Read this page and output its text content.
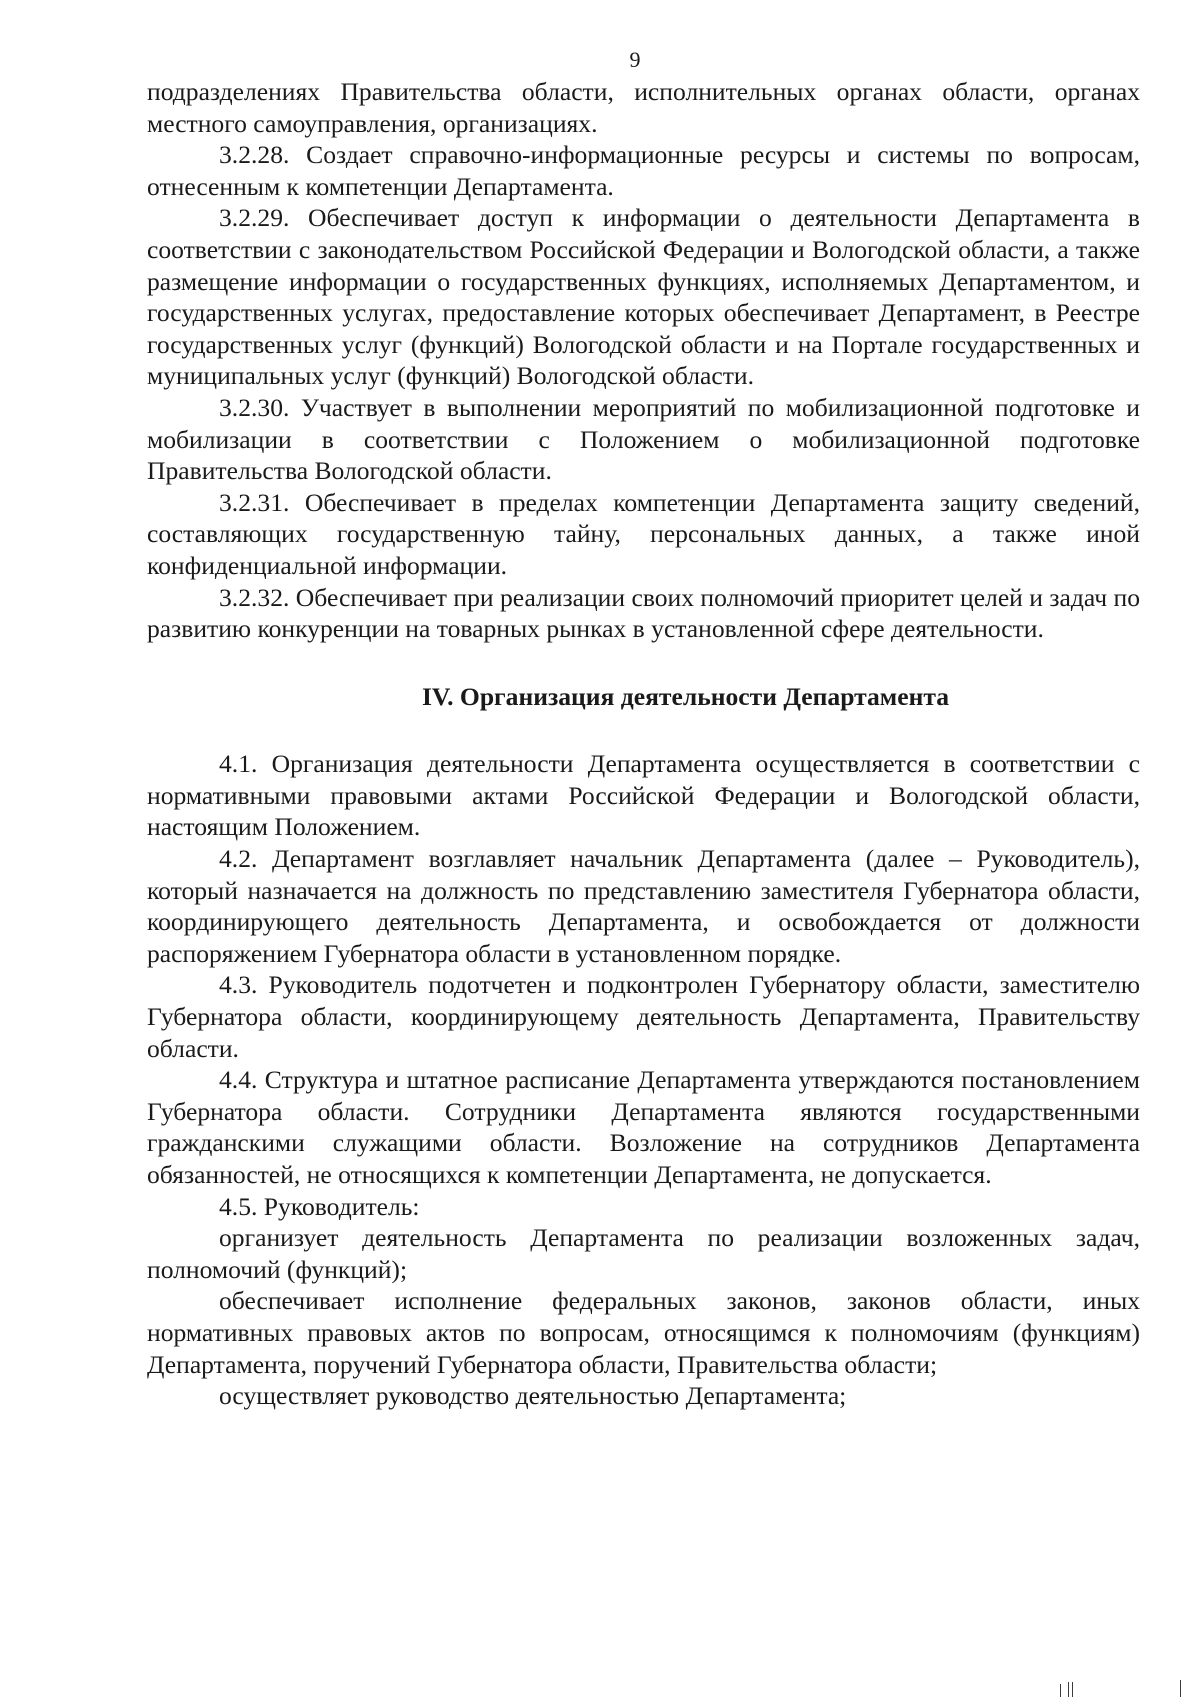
9

подразделениях Правительства области, исполнительных органах области, органах местного самоуправления, организациях.

3.2.28. Создает справочно-информационные ресурсы и системы по вопросам, отнесенным к компетенции Департамента.

3.2.29. Обеспечивает доступ к информации о деятельности Департамента в соответствии с законодательством Российской Федерации и Вологодской области, а также размещение информации о государственных функциях, исполняемых Департаментом, и государственных услугах, предоставление которых обеспечивает Департамент, в Реестре государственных услуг (функций) Вологодской области и на Портале государственных и муниципальных услуг (функций) Вологодской области.

3.2.30. Участвует в выполнении мероприятий по мобилизационной подготовке и мобилизации в соответствии с Положением о мобилизационной подготовке Правительства Вологодской области.

3.2.31. Обеспечивает в пределах компетенции Департамента защиту сведений, составляющих государственную тайну, персональных данных, а также иной конфиденциальной информации.

3.2.32. Обеспечивает при реализации своих полномочий приоритет целей и задач по развитию конкуренции на товарных рынках в установленной сфере деятельности.

IV. Организация деятельности Департамента

4.1. Организация деятельности Департамента осуществляется в соответствии с нормативными правовыми актами Российской Федерации и Вологодской области, настоящим Положением.

4.2. Департамент возглавляет начальник Департамента (далее – Руководитель), который назначается на должность по представлению заместителя Губернатора области, координирующего деятельность Департамента, и освобождается от должности распоряжением Губернатора области в установленном порядке.

4.3. Руководитель подотчетен и подконтролен Губернатору области, заместителю Губернатора области, координирующему деятельность Департамента, Правительству области.

4.4. Структура и штатное расписание Департамента утверждаются постановлением Губернатора области. Сотрудники Департамента являются государственными гражданскими служащими области. Возложение на сотрудников Департамента обязанностей, не относящихся к компетенции Департамента, не допускается.

4.5. Руководитель:

организует деятельность Департамента по реализации возложенных задач, полномочий (функций);

обеспечивает исполнение федеральных законов, законов области, иных нормативных правовых актов по вопросам, относящимся к полномочиям (функциям) Департамента, поручений Губернатора области, Правительства области;

осуществляет руководство деятельностью Департамента;
